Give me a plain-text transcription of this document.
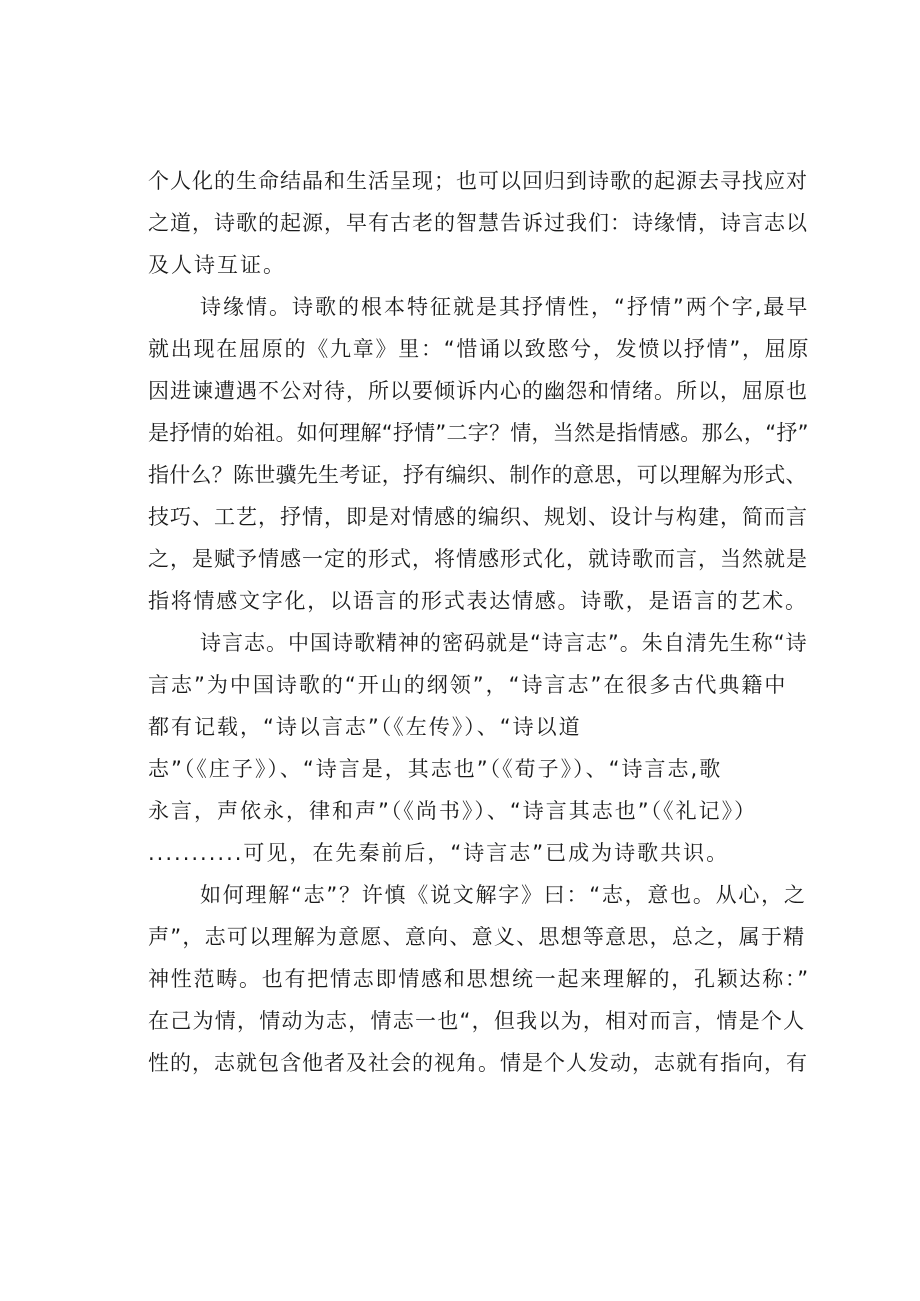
个人化的生命结晶和生活呈现；也可以回归到诗歌的起源去寻找应对
之道，诗歌的起源，早有古老的智慧告诉过我们：诗缘情，诗言志以
及人诗互证。
诗缘情。诗歌的根本特征就是其抒情性，“抒情”两个字,最早
就出现在屈原的《九章》里：“惜诵以致愍兮，发愤以抒情”，屈原
因进谏遭遇不公对待，所以要倾诉内心的幽怨和情绪。所以，屈原也
是抒情的始祖。如何理解“抒情”二字？情，当然是指情感。那么，“抒”
指什么？陈世骥先生考证，抒有编织、制作的意思，可以理解为形式、
技巧、工艺，抒情，即是对情感的编织、规划、设计与构建，简而言
之，是赋予情感一定的形式，将情感形式化，就诗歌而言，当然就是
指将情感文字化，以语言的形式表达情感。诗歌，是语言的艺术。
诗言志。中国诗歌精神的密码就是“诗言志”。朱自清先生称“诗
言志”为中国诗歌的“开山的纲领”，“诗言志”在很多古代典籍中
都有记载，“诗以言志”（《左传》）、“诗以道
志”（《庄子》）、“诗言是，其志也”（《荀子》）、“诗言志,歌
永言，声依永，律和声”（《尚书》）、“诗言其志也”（《礼记》）
...........可见，在先秦前后，“诗言志”已成为诗歌共识。
如何理解“志”？许慎《说文解字》曰：“志，意也。从心，之
声”，志可以理解为意愿、意向、意义、思想等意思，总之，属于精
神性范畴。也有把情志即情感和思想统一起来理解的，孔颖达称：”
在己为情，情动为志，情志一也“，但我以为，相对而言，情是个人
性的，志就包含他者及社会的视角。情是个人发动，志就有指向，有
